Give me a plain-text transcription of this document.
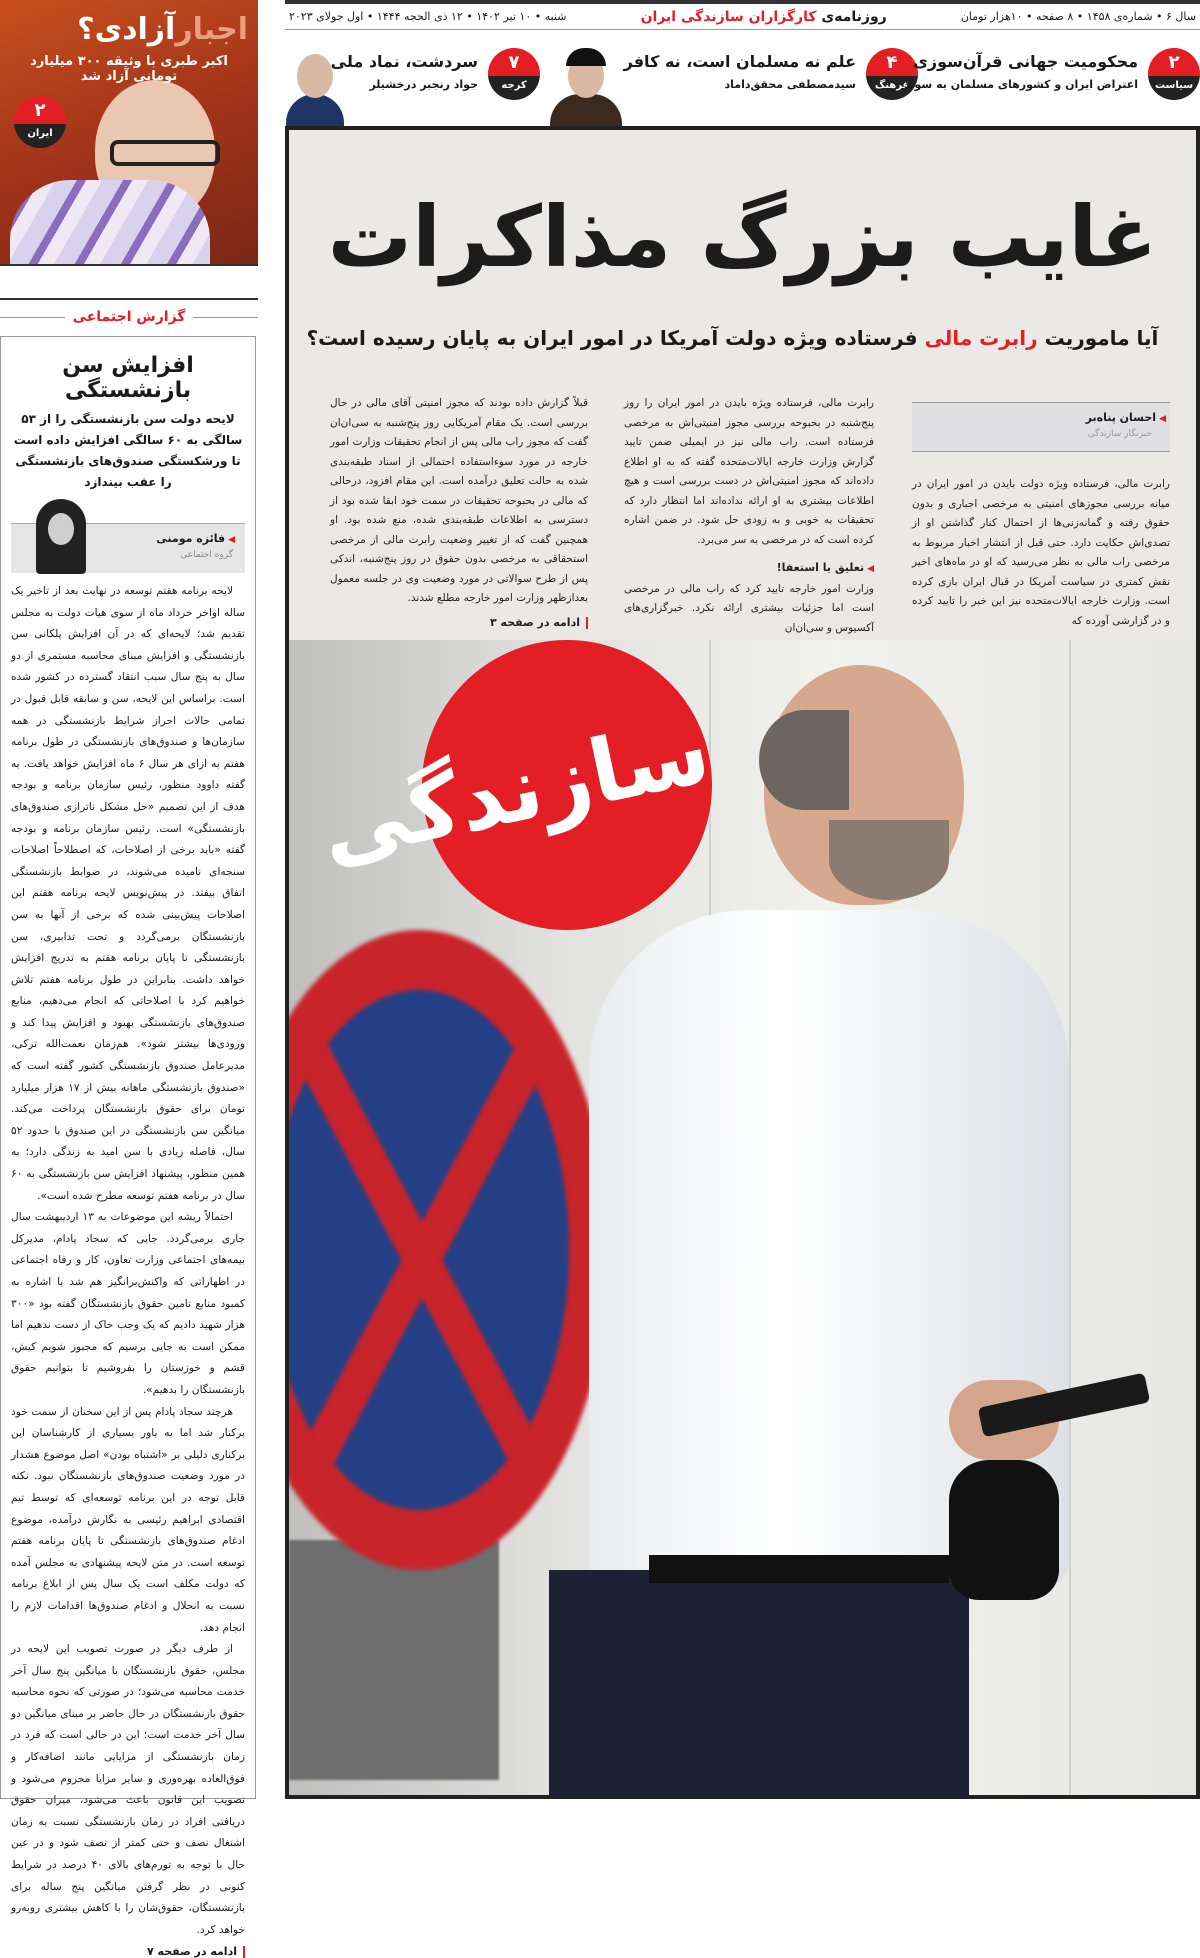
اجبارآزادی؟
اکبر طبری با وثیقه ۳۰۰ میلیارد تومانی آزاد شد
۲
ایران
گزارش اجتماعی
افزایش سن بازنشستگی
لایحه دولت سن بازنشستگی را از ۵۳ سالگی به ۶۰ سالگی افزایش داده است تا ورشکستگی صندوق‌های بازنشستگی را عقب بیندازد
◀ فائزه مومنی
گروه اجتماعی

لایحه برنامه هفتم توسعه در نهایت بعد از تاخیر یک ساله اواخر خرداد ماه از سوی هیات دولت به مجلس تقدیم شد؛ لایحه‌ای که در آن افزایش پلکانی سن بازنشستگی و افزایش مبنای محاسبه مستمری از دو سال به پنج سال سبب انتقاد گسترده در کشور شده است. براساس این لایحه، سن و سابقه قابل قبول در تمامی حالات احراز شرایط بازنشستگی در همه سازمان‌ها و صندوق‌های بازنشستگی در طول برنامه هفتم به ازای هر سال ۶ ماه افزایش خواهد یافت. به گفته داوود منظور، رئیس سازمان برنامه و بودجه هدف از این تصمیم «حل مشکل ناترازی صندوق‌های بازنشستگی» است. رئیس سازمان برنامه و بودجه گفته «باید برخی از اصلاحات، که اصطلاحاً اصلاحات سنجه‌ای نامیده می‌شوند، در ضوابط بازنشستگی اتفاق بیفتد. در پیش‌نویس لایحه برنامه هفتم این اصلاحات پیش‌بینی شده که برخی از آنها به سن بازنشستگان برمی‌گردد و تحت تدابیری، سن بازنشستگی تا پایان برنامه هفتم به تدریج افزایش خواهد داشت. بنابراین در طول برنامه هفتم تلاش خواهیم کرد با اصلاحاتی که انجام می‌دهیم، منابع صندوق‌های بازنشستگی بهبود و افزایش پیدا کند و ورودی‌ها بیشتر شود». هم‌زمان نعمت‌الله ترکی، مدیرعامل صندوق بازنشستگی کشور گفته است که «صندوق بازنشستگی ماهانه بیش از ۱۷ هزار میلیارد تومان برای حقوق بازنشستگان پرداخت می‌کند. میانگین سن بازنشستگی در این صندوق با حدود ۵۲ سال، فاصله زیادی با سن امید به زندگی دارد؛ به همین منظور، پیشنهاد افزایش سن بازنشستگی به ۶۰ سال در برنامه هفتم توسعه مطرح شده است».

احتمالاً ریشه این موضوعات به ۱۳ اردیبهشت سال جاری برمی‌گردد. جایی که سجاد پادام، مدیرکل بیمه‌های اجتماعی وزارت تعاون، کار و رفاه اجتماعی در اظهاراتی که واکنش‌برانگیز هم شد با اشاره به کمبود منابع تامین حقوق بازنشستگان گفته بود «۳۰۰ هزار شهید دادیم که یک وجب خاک از دست ندهیم اما ممکن است به جایی برسیم که مجبور شویم کیش، قشم و خوزستان را بفروشیم تا بتوانیم حقوق بازنشستگان را بدهیم».

هرچند سجاد پادام پس از این سخنان از سمت خود برکنار شد اما به باور بسیاری از کارشناسان این برکناری دلیلی بر «اشتباه بودن» اصل موضوع هشدار در مورد وضعیت صندوق‌های بازنشستگان نبود. نکته قابل توجه در این برنامه توسعه‌ای که توسط تیم اقتصادی ابراهیم رئیسی به نگارش درآمده، موضوع ادغام صندوق‌های بازنشستگی تا پایان برنامه هفتم توسعه است. در متن لایحه پیشنهادی به مجلس آمده که دولت مکلف است یک سال پس از ابلاغ برنامه نسبت به انحلال و ادغام صندوق‌ها اقدامات لازم را انجام دهد.

از طرف دیگر در صورت تصویب این لایحه در مجلس، حقوق بازنشستگان با میانگین پنج سال آخر خدمت محاسبه می‌شود؛ در صورتی که نحوه محاسبه حقوق بازنشستگان در حال حاضر بر مبنای میانگین دو سال آخر خدمت است؛ این در حالی است که فرد در زمان بازنشستگی از مزایایی مانند اضافه‌کار و فوق‌العاده بهره‌وری و سایر مزایا محروم می‌شود و تصویب این قانون باعث می‌شود، میزان حقوق دریافتی افراد در زمان بازنشستگی نسبت به زمان اشتغال نصف و حتی کمتر از نصف شود و در عین حال با توجه به تورم‌های بالای ۴۰ درصد در شرایط کنونی در نظر گرفتن میانگین پنج ساله برای بازنشستگان، حقوق‌شان را با کاهش بیشتری روبه‌رو خواهد کرد.

ادامه در صفحه ۷
سال ۶ • شماره‌ی ۱۴۵۸ • ۸ صفحه • ۱۰هزار تومان
روزنامه‌ی کارگزاران سازندگی ایران
شنبه • ۱۰ تیر ۱۴۰۲ • ۱۲ ذی الحجه ۱۴۴۴ • اول جولای ۲۰۲۳
۲
سیاست
محکومیت جهانی قرآن‌سوزی
اعتراض ایران و کشورهای مسلمان به سوئد
۴
فرهنگ
علم نه مسلمان است، نه کافر
سیدمصطفی محقق‌داماد
۷
کرجه
سردشت، نماد ملی
جواد رنجبر درخشیلر
غایب بزرگ مذاکرات
آیا ماموریت رابرت مالی فرستاده ویژه دولت آمریکا در امور ایران به پایان رسیده است؟
◀ احسان پناه‌بر
خبرنگار سازندگی
رابرت مالی، فرستاده ویژه دولت بایدن در امور ایران در میانه بررسی مجوزهای امنیتی به مرخصی اجباری و بدون حقوق رفته و گمانه‌زنی‌ها از احتمال کنار گذاشتن او از تصدی‌اش حکایت دارد. حتی قبل از انتشار اخبار مربوط به مرخصی راب مالی به نظر می‌رسید که او در ماه‌های اخیر نقش کمتری در سیاست آمریکا در قبال ایران بازی کرده است. وزارت خارجه ایالات‌متحده نیز این خبر را تایید کرده و در گزارشی آورده که
رابرت مالی، فرستاده ویژه بایدن در امور ایران را روز پنج‌شنبه در بحبوحه بررسی مجوز امنیتی‌اش به مرخصی فرستاده است. راب مالی نیز در ایمیلی ضمن تایید گزارش وزارت خارجه ایالات‌متحده گفته که به او اطلاع داده‌اند که مجوز امنیتی‌اش در دست بررسی است و هیچ اطلاعات بیشتری به او ارائه نداده‌اند اما انتظار دارد که تحقیقات به خوبی و به زودی حل شود. در ضمن اشاره کرده است که در مرخصی به سر می‌برد.
◀ تعلیق یا استعفا!
وزارت امور خارجه تایید کرد که راب مالی در مرخصی است اما جزئیات بیشتری ارائه نکرد. خبرگزاری‌های آکسیوس و سی‌ان‌ان
قبلاً گزارش داده بودند که مجوز امنیتی آقای مالی در حال بررسی است. یک مقام آمریکایی روز پنج‌شنبه به سی‌ان‌ان گفت که مجوز راب مالی پس از انجام تحقیقات وزارت امور خارجه در مورد سوءاستفاده احتمالی از اسناد طبقه‌بندی شده به حالت تعلیق درآمده است. این مقام افزود، درحالی که مالی در بحبوحه تحقیقات در سمت خود ابقا شده بود از دسترسی به اطلاعات طبقه‌بندی شده، منع شده بود. او همچنین گفت که از تغییر وضعیت رابرت مالی از مرخصی استحقاقی به مرخصی بدون حقوق در روز پنج‌شنبه، اندکی پس از طرح سوالاتی در مورد وضعیت وی در جلسه معمول بعدازظهر وزارت امور خارجه مطلع شدند.
ادامه در صفحه ۳
سازندگی
